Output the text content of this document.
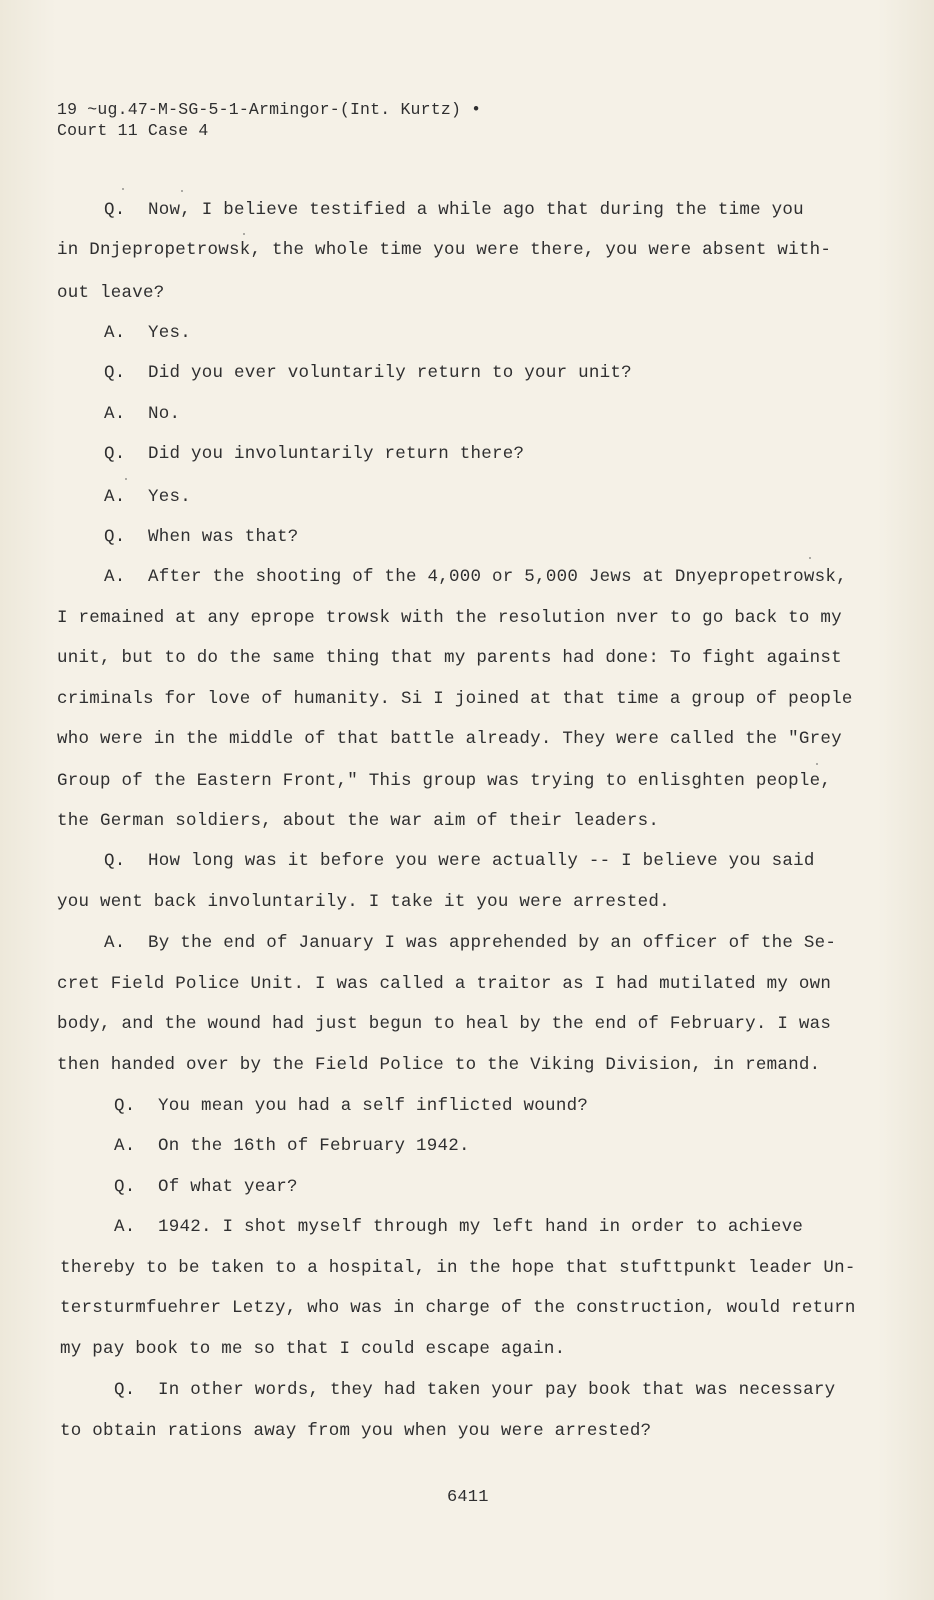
19 ~ug.47-M-SG-5-1-Armingor-(Int. Kurtz) •
Court 11 Case 4
Q. Now, I believe testified a while ago that during the time you
in Dnjepropetrowsk, the whole time you were there, you were absent with-
out leave?
A. Yes.
Q. Did you ever voluntarily return to your unit?
A. No.
Q. Did you involuntarily return there?
A. Yes.
Q. When was that?
A. After the shooting of the 4,000 or 5,000 Jews at Dnyepropetrowsk,
I remained at any eprope trowsk with the resolution nver to go back to my
unit, but to do the same thing that my parents had done: To fight against
criminals for love of humanity. Si I joined at that time a group of people
who were in the middle of that battle already. They were called the "Grey
Group of the Eastern Front," This group was trying to enlisghten people,
the German soldiers, about the war aim of their leaders.
Q. How long was it before you were actually -- I believe you said
you went back involuntarily. I take it you were arrested.
A. By the end of January I was apprehended by an officer of the Se-
cret Field Police Unit. I was called a traitor as I had mutilated my own
body, and the wound had just begun to heal by the end of February. I was
then handed over by the Field Police to the Viking Division, in remand.
Q. You mean you had a self inflicted wound?
A. On the 16th of February 1942.
Q. Of what year?
A. 1942. I shot myself through my left hand in order to achieve
thereby to be taken to a hospital, in the hope that stufttpunkt leader Un-
tersturmfuehrer Letzy, who was in charge of the construction, would return
my pay book to me so that I could escape again.
Q. In other words, they had taken your pay book that was necessary
to obtain rations away from you when you were arrested?
6411
